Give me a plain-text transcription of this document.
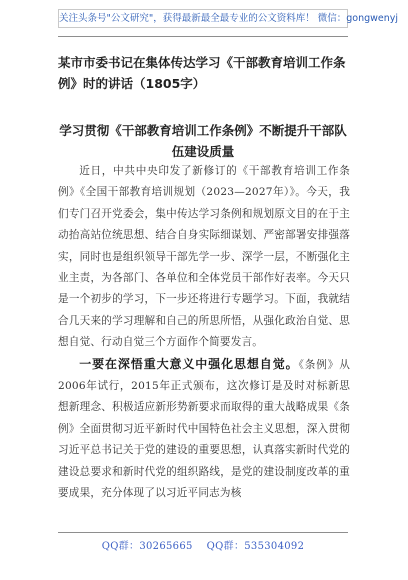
关注头条号"公文研究"，获得最新最全最专业的公文资料库！ 微信：gongwenyj
某市市委书记在集体传达学习《干部教育培训工作条例》时的讲话（1805字）
学习贯彻《干部教育培训工作条例》不断提升干部队伍建设质量

近日，中共中央印发了新修订的《干部教育培训工作条例》《全国干部教育培训规划（2023—2027年）》。今天，我们专门召开党委会，集中传达学习条例和规划原文目的在于主动抬高站位统思想、结合自身实际细谋划、严密部署安排强落实，同时也是组织领导干部先学一步、深学一层，不断强化主业主责，为各部门、各单位和全体党员干部作好表率。今天只是一个初步的学习，下一步还将进行专题学习。下面，我就结合几天来的学习理解和自己的所思所悟，从强化政治自觉、思想自觉、行动自觉三个方面作个简要发言。

一要在深悟重大意义中强化思想自觉。《条例》从2006年试行，2015年正式颁布，这次修订是及时对标新思想新理念、积极适应新形势新要求而取得的重大战略成果《条例》全面贯彻习近平新时代中国特色社会主义思想，深入贯彻习近平总书记关于党的建设的重要思想，认真落实新时代党的建设总要求和新时代党的组织路线，是党的建设制度改革的重要成果，充分体现了以习近平同志为核

QQ群：30265665 QQ群：535304092
